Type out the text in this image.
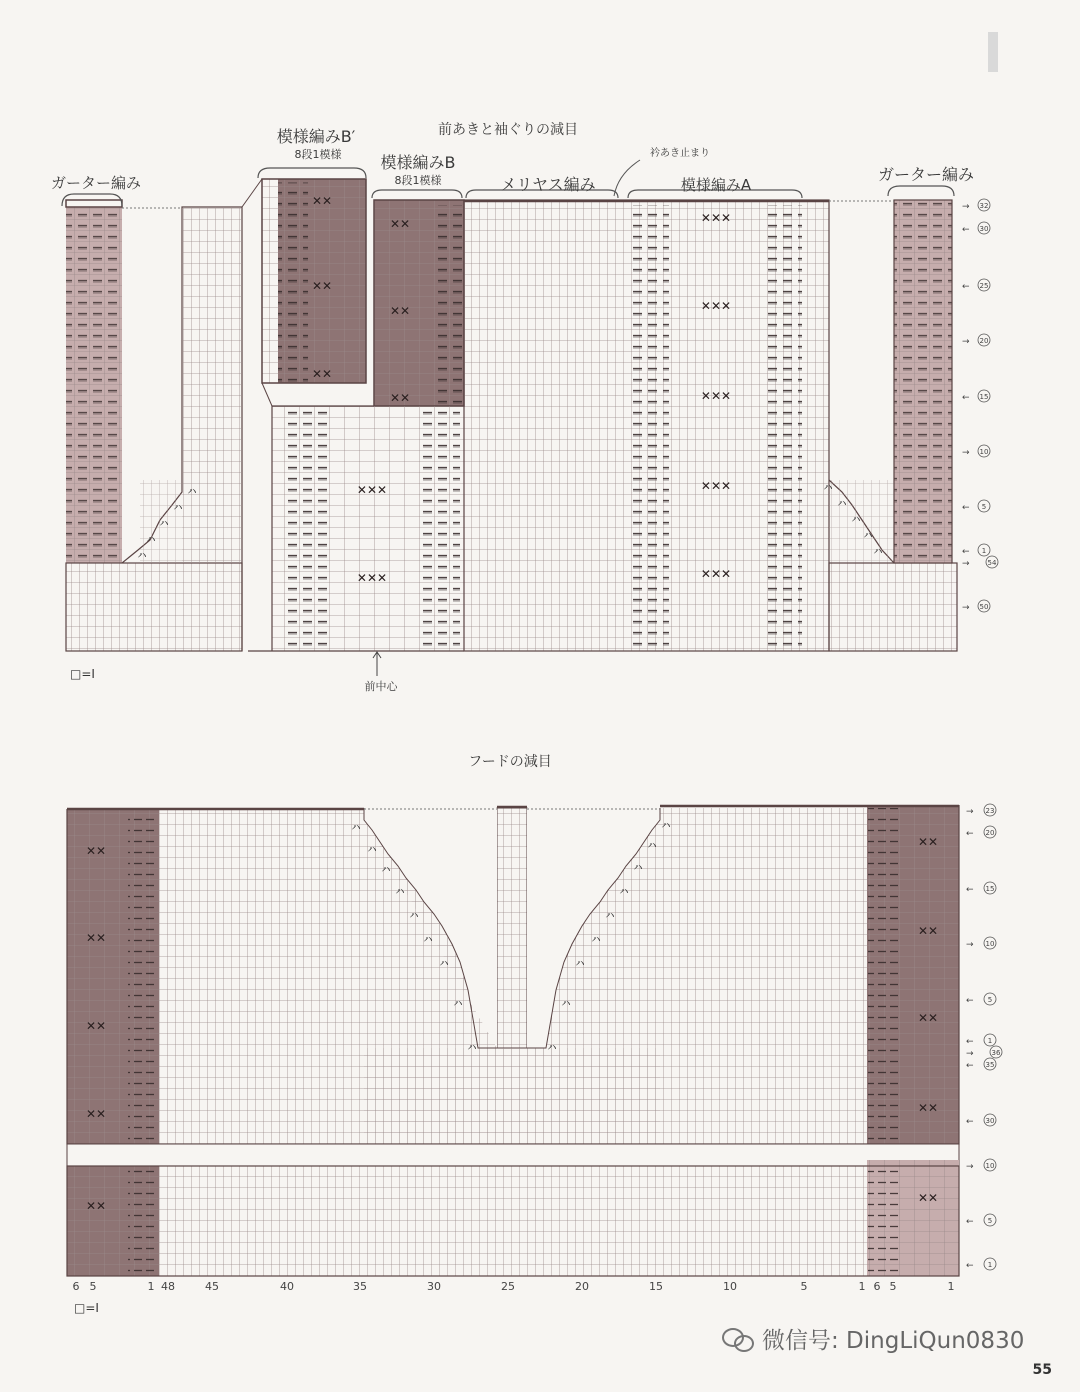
前あきと袖ぐりの減目
ㇵ
ㇵ
ㇵ
ㇵ
ㇵ
ガーター編み
✕✕
✕✕
✕✕
模様編みB′
8段1模様
✕✕
✕✕
✕✕
模様編みB
8段1模様
✕✕✕
✕✕✕
✕✕✕
✕✕✕
✕✕✕
✕✕✕
✕✕✕
メリヤス編み	模様編みA
衿あき止まり
ㇵ
ㇵ
ㇵ
ㇵ
ㇵ
ガーター編み
前中心
□=Ⅰ
→ 32
← 30
← 25
→ 20
← 15
→ 10
← 5
← 1
→	54
→ 50
フードの減目
✕✕
✕✕
✕✕
✕✕
✕✕
✕✕
✕✕
✕✕
ㇵ
ㇵ
ㇵ
ㇵ
ㇵ
ㇵ
ㇵ
ㇵ
ㇵ
ㇵ
ㇵ
ㇵ
ㇵ
ㇵ
ㇵ
ㇵ
ㇵ
ㇵ
✕✕
✕✕
6 5	1 48	45	40	35	30	25	20	15	10	5	1 6 5	1
□=Ⅰ
→ 23
← 20
← 15
→ 10
← 5
← 1
→	36
← 35
← 30
→ 10
← 5
← 1
微信号: DingLiQun0830
55
